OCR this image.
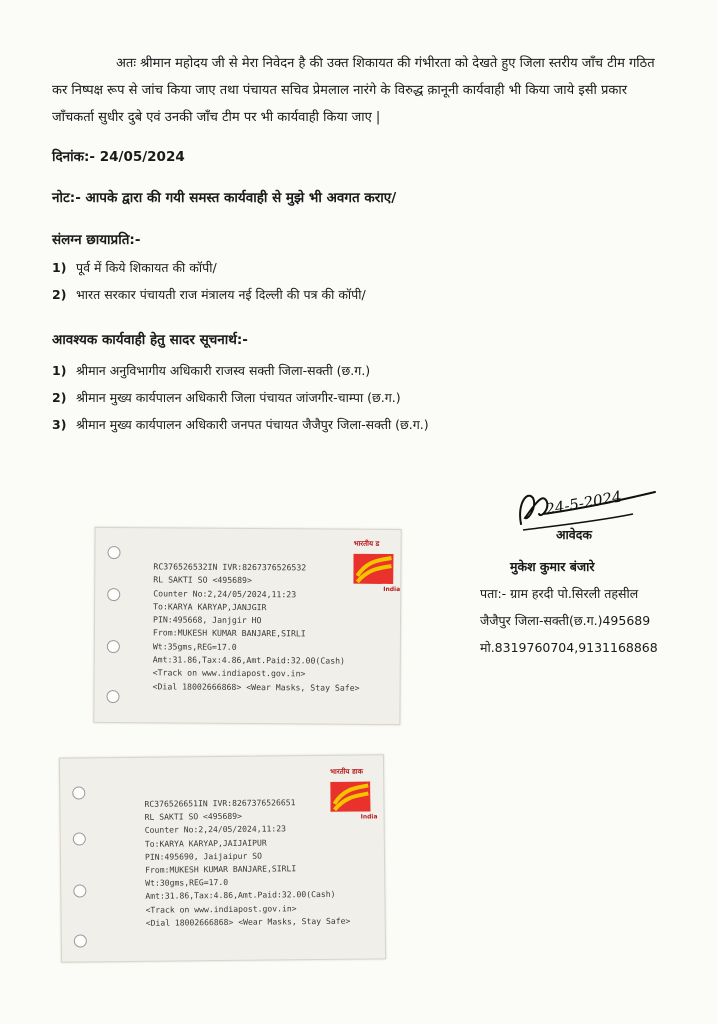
अतः श्रीमान महोदय जी से मेरा निवेदन है की उक्त शिकायत की गंभीरता को देखते हुए जिला स्तरीय जाँच टीम गठित कर निष्पक्ष रूप से जांच किया जाए तथा पंचायत सचिव प्रेमलाल नारंगे के विरुद्ध क़ानूनी कार्यवाही भी किया जाये इसी प्रकार जाँचकर्ता सुधीर दुबे एवं उनकी जाँच टीम पर भी कार्यवाही किया जाए |

दिनांक:- 24/05/2024
नोट:- आपके द्वारा की गयी समस्त कार्यवाही से मुझे भी अवगत कराए/
संलग्न छायाप्रति:-
1) पूर्व में किये शिकायत की कॉपी/
2) भारत सरकार पंचायती राज मंत्रालय नई दिल्ली की पत्र की कॉपी/
आवश्यक कार्यवाही हेतु सादर सूचनार्थ:-
1) श्रीमान अनुविभागीय अधिकारी राजस्व सक्ती जिला-सक्ती (छ.ग.)
2) श्रीमान मुख्य कार्यपालन अधिकारी जिला पंचायत जांजगीर-चाम्पा (छ.ग.)
3) श्रीमान मुख्य कार्यपालन अधिकारी जनपत पंचायत जैजैपुर जिला-सक्ती (छ.ग.)
24-5-2024
आवेदक
मुकेश कुमार बंजारे
पता:- ग्राम हरदी पो.सिरली तहसील
जैजैपुर जिला-सक्ती(छ.ग.)495689
मो.8319760704,9131168868
भारतीय ड
India
RC376526532IN IVR:8267376526532
RL SAKTI SO <495689>
Counter No:2,24/05/2024,11:23
To:KARYA KARYAP,JANJGIR
PIN:495668, Janjgir HO
From:MUKESH KUMAR BANJARE,SIRLI
Wt:35gms,REG=17.0
Amt:31.86,Tax:4.86,Amt.Paid:32.00(Cash)
<Track on www.indiapost.gov.in>
<Dial 18002666868> <Wear Masks, Stay Safe>
भारतीय डाक
India
RC376526651IN IVR:8267376526651
RL SAKTI SO <495689>
Counter No:2,24/05/2024,11:23
To:KARYA KARYAP,JAIJAIPUR
PIN:495690, Jaijaipur SO
From:MUKESH KUMAR BANJARE,SIRLI
Wt:30gms,REG=17.0
Amt:31.86,Tax:4.86,Amt.Paid:32.00(Cash)
<Track on www.indiapost.gov.in>
<Dial 18002666868> <Wear Masks, Stay Safe>
